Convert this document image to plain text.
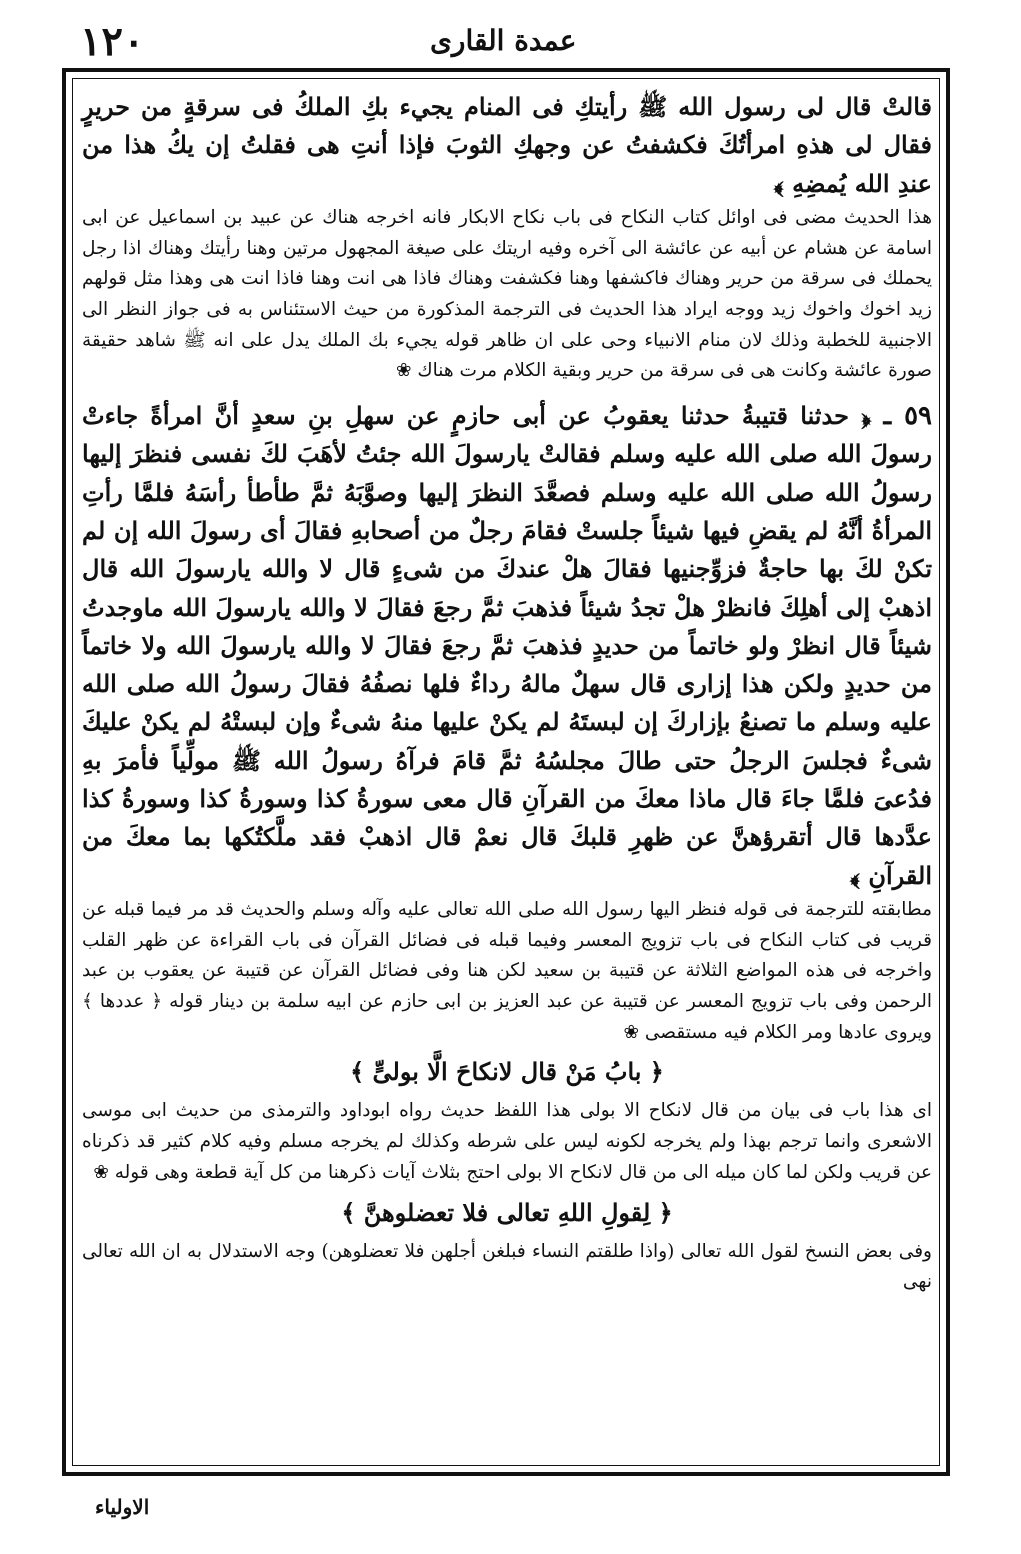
١٢٠	عمدة القارى

قالتْ قال لى رسول الله ﷺ رأيتكِ فى المنام يجيء بكِ الملكُ فى سرقةٍ من حريرٍ فقال لى هذهِ امرأتُكَ فكشفتُ عن وجهكِ الثوبَ فإذا أنتِ هى فقلتُ إن يكُ هذا من عندِ الله يُمضِهِ ﴾

هذا الحديث مضى فى اوائل كتاب النكاح فى باب نكاح الابكار فانه اخرجه هناك عن عبيد بن اسماعيل عن ابى اسامة عن هشام عن أبيه عن عائشة الى آخره وفيه اريتك على صيغة المجهول مرتين وهنا رأيتك وهناك اذا رجل يحملك فى سرقة من حرير وهناك فاكشفها وهنا فكشفت وهناك فاذا هى انت وهنا فاذا انت هى وهذا مثل قولهم زيد اخوك واخوك زيد ووجه ايراد هذا الحديث فى الترجمة المذكورة من حيث الاستئناس به فى جواز النظر الى الاجنبية للخطبة وذلك لان منام الانبياء وحى على ان ظاهر قوله يجيء بك الملك يدل على انه ﷺ شاهد حقيقة صورة عائشة وكانت هى فى سرقة من حرير وبقية الكلام مرت هناك ❀

٥٩ ـ ﴿ حدثنا قتيبةُ حدثنا يعقوبُ عن أبى حازمٍ عن سهلِ بنِ سعدٍ أنَّ امرأةً جاءتْ رسولَ الله صلى الله عليه وسلم فقالتْ يارسولَ الله جئتُ لأهَبَ لكَ نفسى فنظرَ إليها رسولُ الله صلى الله عليه وسلم فصعَّدَ النظرَ إليها وصوَّبَهُ ثمَّ طأطأ رأسَهُ فلمَّا رأتِ المرأةُ أنَّهُ لم يقضِ فيها شيئاً جلستْ فقامَ رجلٌ من أصحابهِ فقالَ أى رسولَ الله إن لم تكنْ لكَ بها حاجةٌ فزوِّجنيها فقالَ هلْ عندكَ من شىءٍ قال لا والله يارسولَ الله قال اذهبْ إلى أهلِكَ فانظرْ هلْ تجدُ شيئاً فذهبَ ثمَّ رجعَ فقالَ لا والله يارسولَ الله ماوجدتُ شيئاً قال انظرْ ولو خاتماً من حديدٍ فذهبَ ثمَّ رجعَ فقالَ لا والله يارسولَ الله ولا خاتماً من حديدٍ ولكن هذا إزارى قال سهلٌ مالهُ رداءٌ فلها نصفُهُ فقالَ رسولُ الله صلى الله عليه وسلم ما تصنعُ بإزاركَ إن لبستَهُ لم يكنْ عليها منهُ شىءٌ وإن لبستْهُ لم يكنْ عليكَ شىءٌ فجلسَ الرجلُ حتى طالَ مجلسُهُ ثمَّ قامَ فرآهُ رسولُ الله ﷺ مولِّياً فأمرَ بهِ فدُعىَ فلمَّا جاءَ قال ماذا معكَ من القرآنِ قال معى سورةُ كذا وسورةُ كذا وسورةُ كذا عدَّدها قال أتقرؤهنَّ عن ظهرِ قلبكَ قال نعمْ قال اذهبْ فقد ملَّكتُكها بما معكَ من القرآنِ ﴾

مطابقته للترجمة فى قوله فنظر اليها رسول الله صلى الله تعالى عليه وآله وسلم والحديث قد مر فيما قبله عن قريب فى كتاب النكاح فى باب تزويج المعسر وفيما قبله فى فضائل القرآن فى باب القراءة عن ظهر القلب واخرجه فى هذه المواضع الثلاثة عن قتيبة بن سعيد لكن هنا وفى فضائل القرآن عن قتيبة عن يعقوب بن عبد الرحمن وفى باب تزويج المعسر عن قتيبة عن عبد العزيز بن ابى حازم عن ابيه سلمة بن دينار قوله ﴿ عددها ﴾ ويروى عادها ومر الكلام فيه مستقصى ❀

﴿ بابُ مَنْ قال لانكاحَ الَّا بولىٍّ ﴾

اى هذا باب فى بيان من قال لانكاح الا بولى هذا اللفظ حديث رواه ابوداود والترمذى من حديث ابى موسى الاشعرى وانما ترجم بهذا ولم يخرجه لكونه ليس على شرطه وكذلك لم يخرجه مسلم وفيه كلام كثير قد ذكرناه عن قريب ولكن لما كان ميله الى من قال لانكاح الا بولى احتج بثلاث آيات ذكرهنا من كل آية قطعة وهى قوله ❀

﴿ لِقولِ اللهِ تعالى فلا تعضلوهنَّ ﴾

وفى بعض النسخ لقول الله تعالى (واذا طلقتم النساء فبلغن أجلهن فلا تعضلوهن) وجه الاستدلال به ان الله تعالى نهى

الاولياء
